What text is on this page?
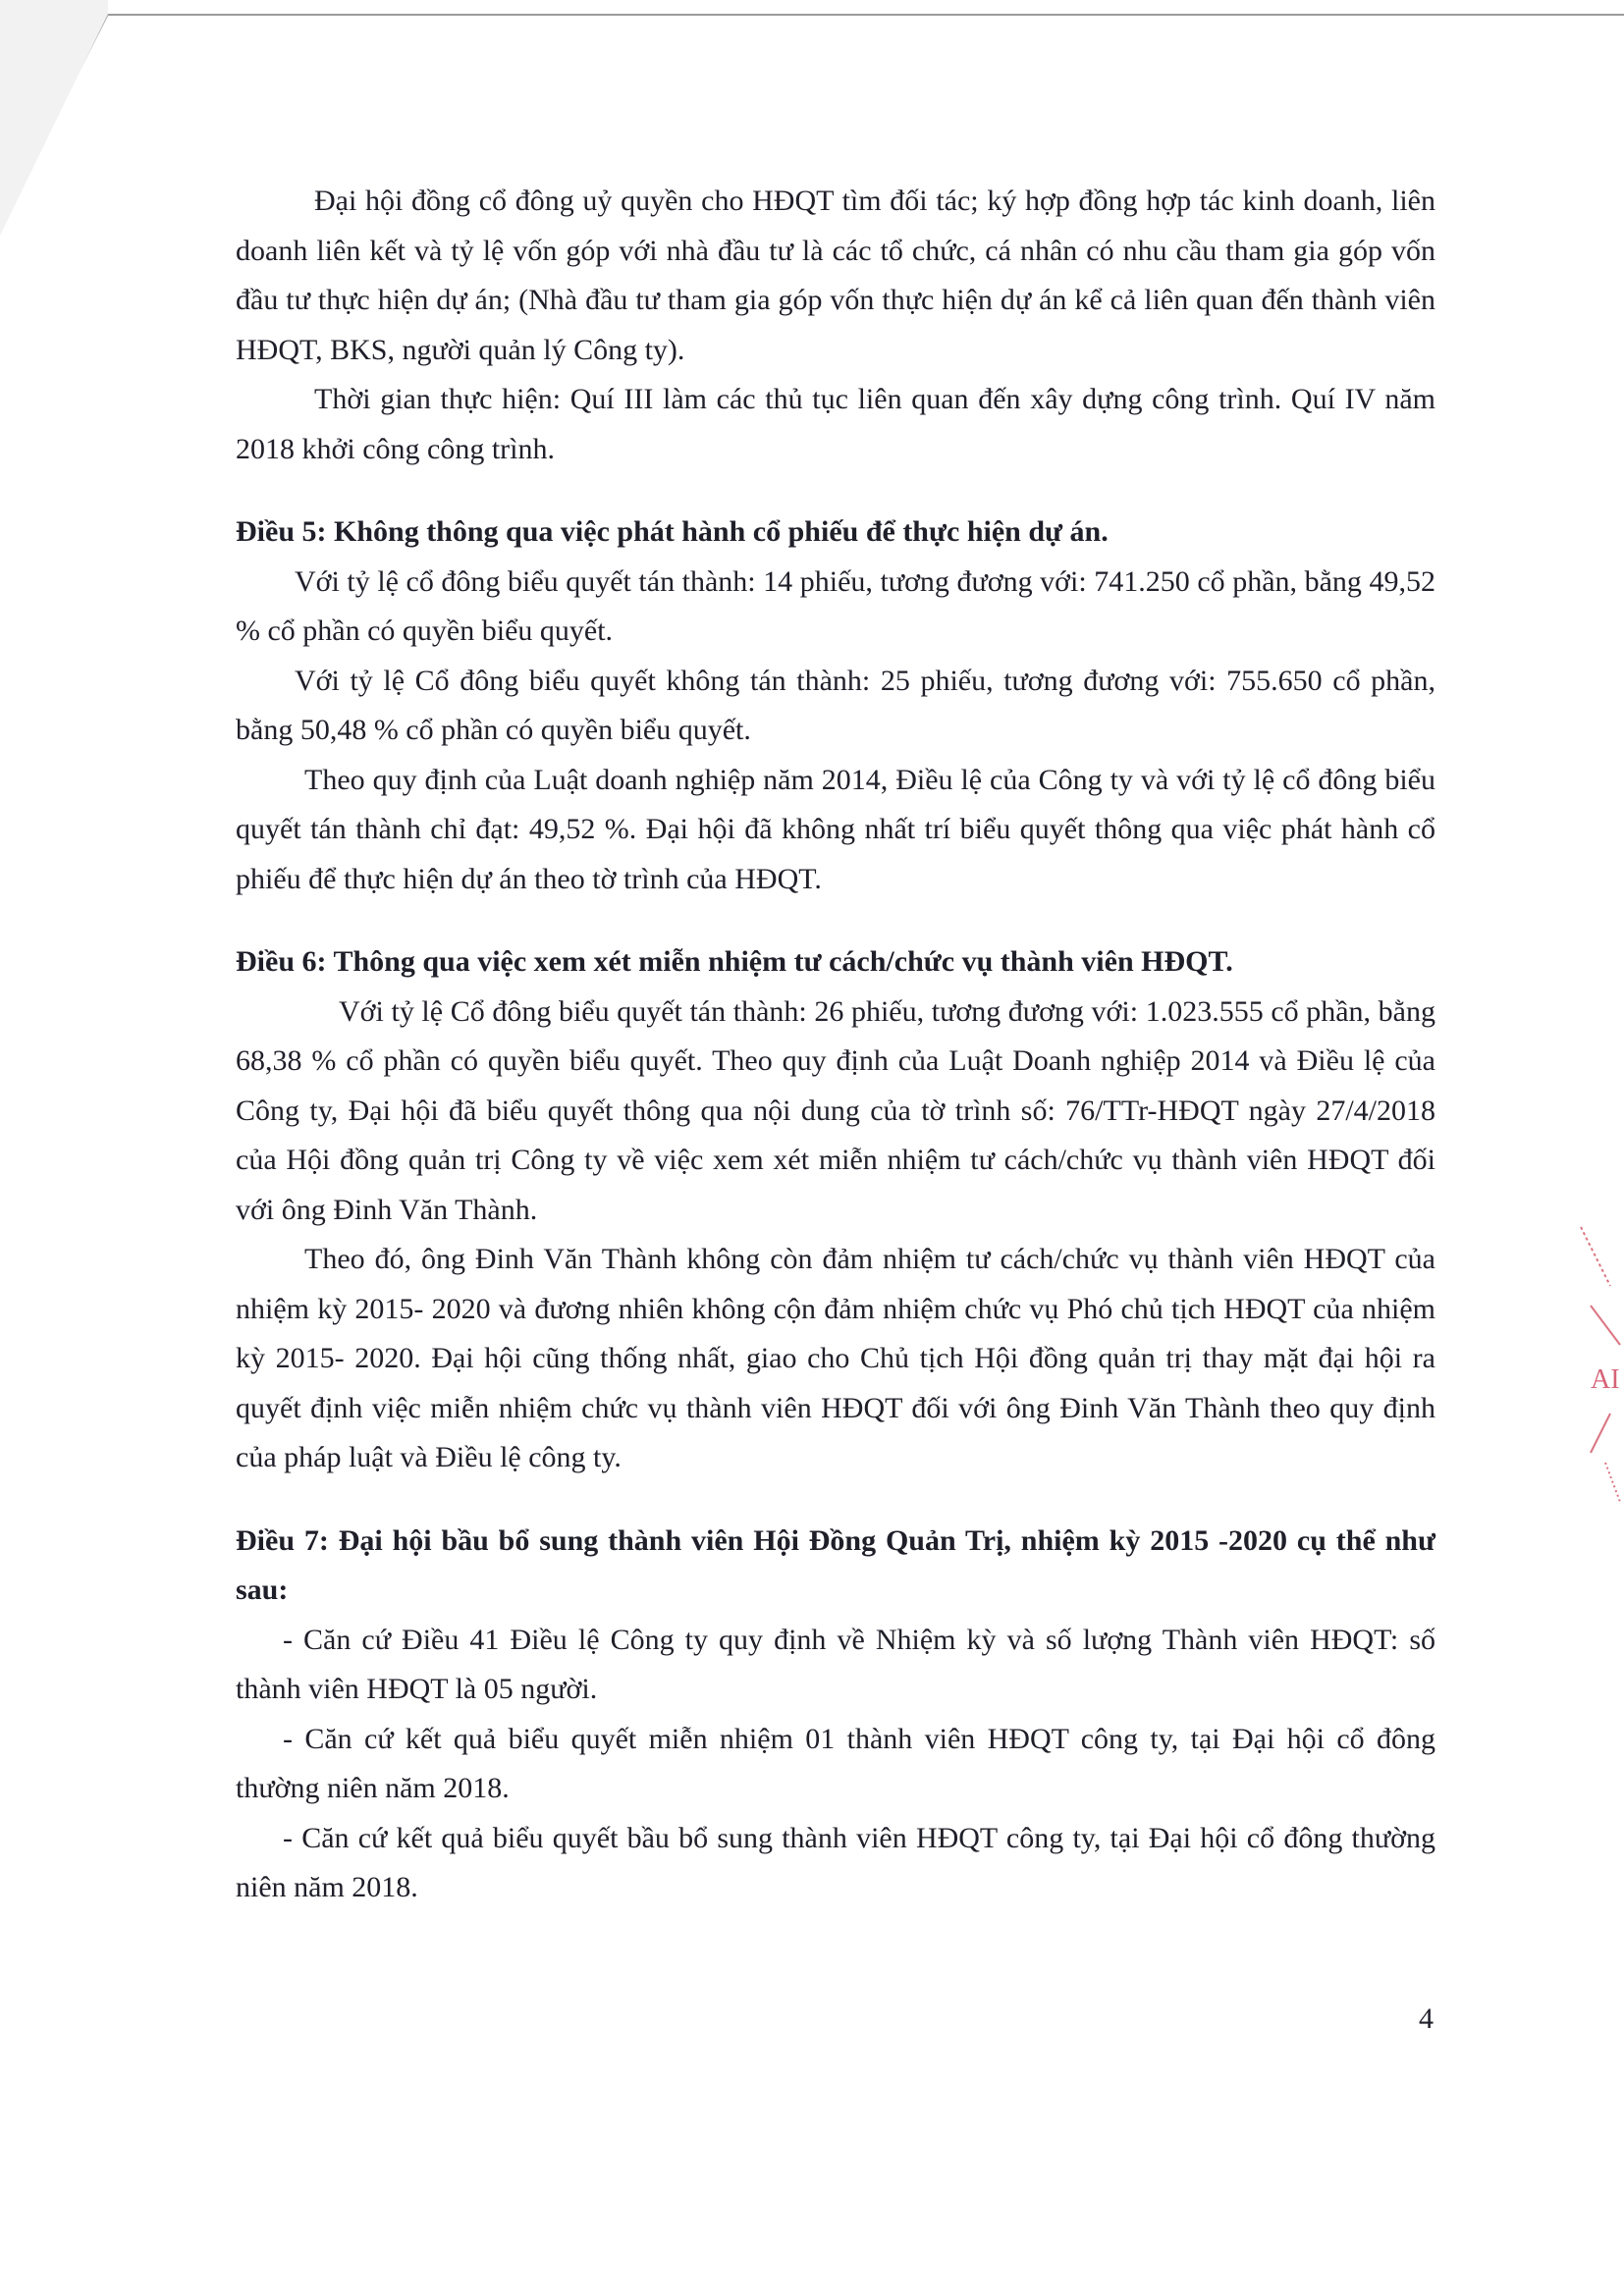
Đại hội đồng cổ đông uỷ quyền cho HĐQT tìm đối tác; ký hợp đồng hợp tác kinh doanh, liên doanh liên kết và tỷ lệ vốn góp với nhà đầu tư là các tổ chức, cá nhân có nhu cầu tham gia góp vốn đầu tư thực hiện dự án; (Nhà đầu tư tham gia góp vốn thực hiện dự án kể cả liên quan đến thành viên HĐQT, BKS, người quản lý Công ty).

Thời gian thực hiện: Quí III làm các thủ tục liên quan đến xây dựng công trình. Quí IV năm 2018 khởi công công trình.

Điều 5: Không thông qua việc phát hành cổ phiếu để thực hiện dự án.

Với tỷ lệ cổ đông biểu quyết tán thành: 14 phiếu, tương đương với: 741.250 cổ phần, bằng 49,52 % cổ phần có quyền biểu quyết.

Với tỷ lệ Cổ đông biểu quyết không tán thành: 25 phiếu, tương đương với: 755.650 cổ phần, bằng 50,48 % cổ phần có quyền biểu quyết.

Theo quy định của Luật doanh nghiệp năm 2014, Điều lệ của Công ty và với tỷ lệ cổ đông biểu quyết tán thành chỉ đạt: 49,52 %. Đại hội đã không nhất trí biểu quyết thông qua việc phát hành cổ phiếu để thực hiện dự án theo tờ trình của HĐQT.

Điều 6: Thông qua việc xem xét miễn nhiệm tư cách/chức vụ thành viên HĐQT.

Với tỷ lệ Cổ đông biểu quyết tán thành: 26 phiếu, tương đương với: 1.023.555 cổ phần, bằng 68,38 % cổ phần có quyền biểu quyết. Theo quy định của Luật Doanh nghiệp 2014 và Điều lệ của Công ty, Đại hội đã biểu quyết thông qua nội dung của tờ trình số: 76/TTr-HĐQT ngày 27/4/2018 của Hội đồng quản trị Công ty về việc xem xét miễn nhiệm tư cách/chức vụ thành viên HĐQT đối với ông Đinh Văn Thành.

Theo đó, ông Đinh Văn Thành không còn đảm nhiệm tư cách/chức vụ thành viên HĐQT của nhiệm kỳ 2015- 2020 và đương nhiên không cộn đảm nhiệm chức vụ Phó chủ tịch HĐQT của nhiệm kỳ 2015- 2020. Đại hội cũng thống nhất, giao cho Chủ tịch Hội đồng quản trị thay mặt đại hội ra quyết định việc miễn nhiệm chức vụ thành viên HĐQT đối với ông Đinh Văn Thành theo quy định của pháp luật và Điều lệ công ty.

Điều 7: Đại hội bầu bổ sung thành viên Hội Đồng Quản Trị, nhiệm kỳ 2015 -2020 cụ thể như sau:

- Căn cứ Điều 41 Điều lệ Công ty quy định về Nhiệm kỳ và số lượng Thành viên HĐQT: số thành viên HĐQT là 05 người.

- Căn cứ kết quả biểu quyết miễn nhiệm 01 thành viên HĐQT công ty, tại Đại hội cổ đông thường niên năm 2018.

- Căn cứ kết quả biểu quyết bầu bổ sung thành viên HĐQT công ty, tại Đại hội cổ đông thường niên năm 2018.

4
AI
